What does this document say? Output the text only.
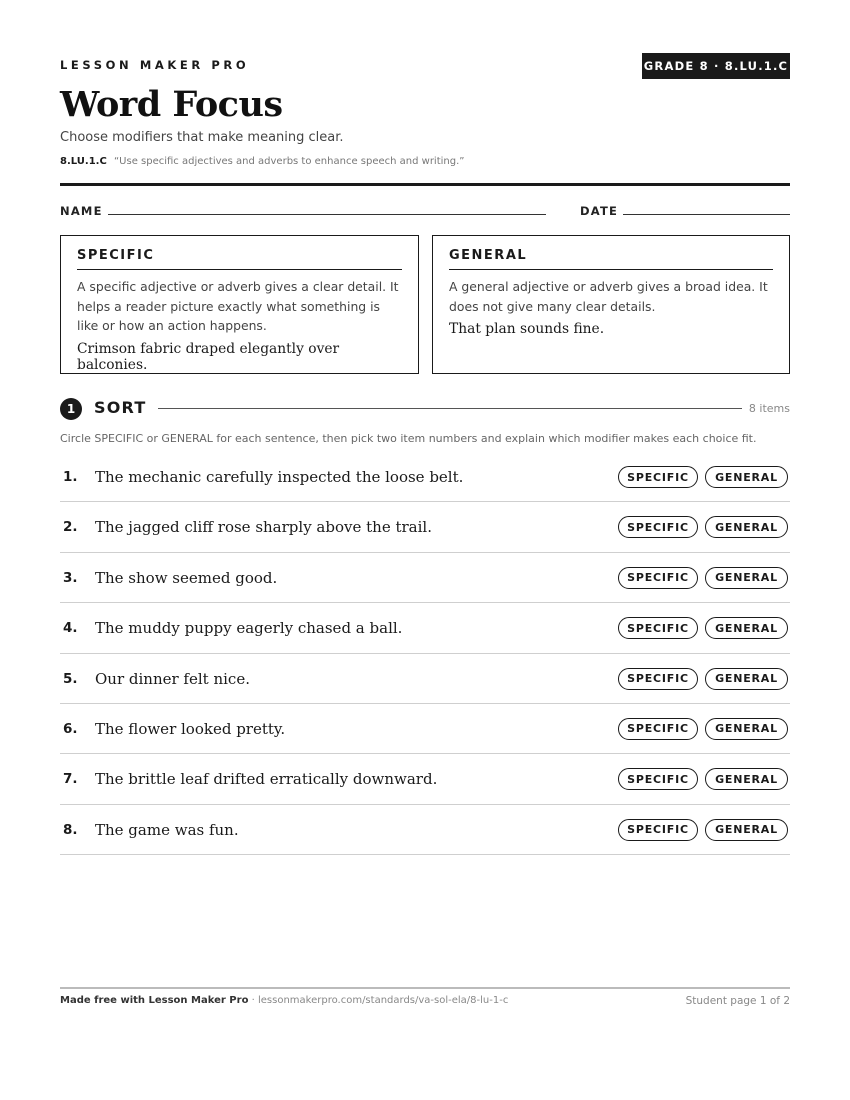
LESSON MAKER PRO	GRADE 8 · 8.LU.1.C
Word Focus
Choose modifiers that make meaning clear.
8.LU.1.C “Use specific adjectives and adverbs to enhance speech and writing.”
NAME	DATE
SPECIFIC
A specific adjective or adverb gives a clear detail. It helps a reader picture exactly what something is like or how an action happens.
Crimson fabric draped elegantly over balconies.
GENERAL
A general adjective or adverb gives a broad idea. It does not give many clear details.
That plan sounds fine.
1	SORT	8 items
Circle SPECIFIC or GENERAL for each sentence, then pick two item numbers and explain which modifier makes each choice fit.
1. The mechanic carefully inspected the loose belt.	SPECIFIC	GENERAL
2. The jagged cliff rose sharply above the trail.	SPECIFIC	GENERAL
3. The show seemed good.	SPECIFIC	GENERAL
4. The muddy puppy eagerly chased a ball.	SPECIFIC	GENERAL
5. Our dinner felt nice.	SPECIFIC	GENERAL
6. The flower looked pretty.	SPECIFIC	GENERAL
7. The brittle leaf drifted erratically downward.	SPECIFIC	GENERAL
8. The game was fun.	SPECIFIC	GENERAL
Made free with Lesson Maker Pro · lessonmakerpro.com/standards/va-sol-ela/8-lu-1-c	Student page 1 of 2
